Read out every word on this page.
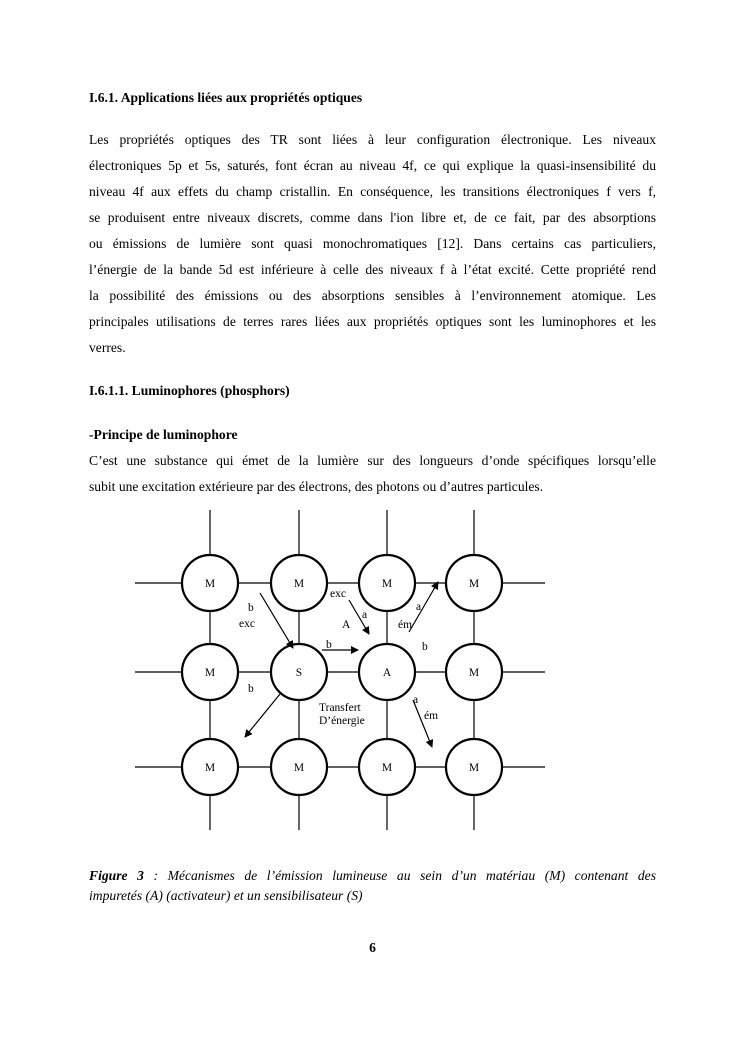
I.6.1. Applications liées aux propriétés optiques

Les propriétés optiques des TR sont liées à leur configuration électronique. Les niveaux
électroniques 5p et 5s, saturés, font écran au niveau 4f, ce qui explique la quasi-insensibilité du
niveau 4f aux effets du champ cristallin. En conséquence, les transitions électroniques f vers f,
se produisent entre niveaux discrets, comme dans l'ion libre et, de ce fait, par des absorptions
ou émissions de lumière sont quasi monochromatiques [12]. Dans certains cas particuliers,
l’énergie de la bande 5d est inférieure à celle des niveaux f à l’état excité. Cette propriété rend
la possibilité des émissions ou des absorptions sensibles à l’environnement atomique. Les
principales utilisations de terres rares liées aux propriétés optiques sont les luminophores et les
verres.

I.6.1.1. Luminophores (phosphors)
-Principe de luminophore

C’est une substance qui émet de la lumière sur des longueurs d’onde spécifiques lorsqu’elle
subit une excitation extérieure par des électrons, des photons ou d’autres particules.

M	M	M	M
M	S	A	M
M	M	M	M
exc
a
a
b
exc	A	ém
b	b
b
a
Transfert
D’énergie	ém

Figure 3 : Mécanismes de l’émission lumineuse au sein d’un matériau (M) contenant des
impuretés (A) (activateur) et un sensibilisateur (S)

6
